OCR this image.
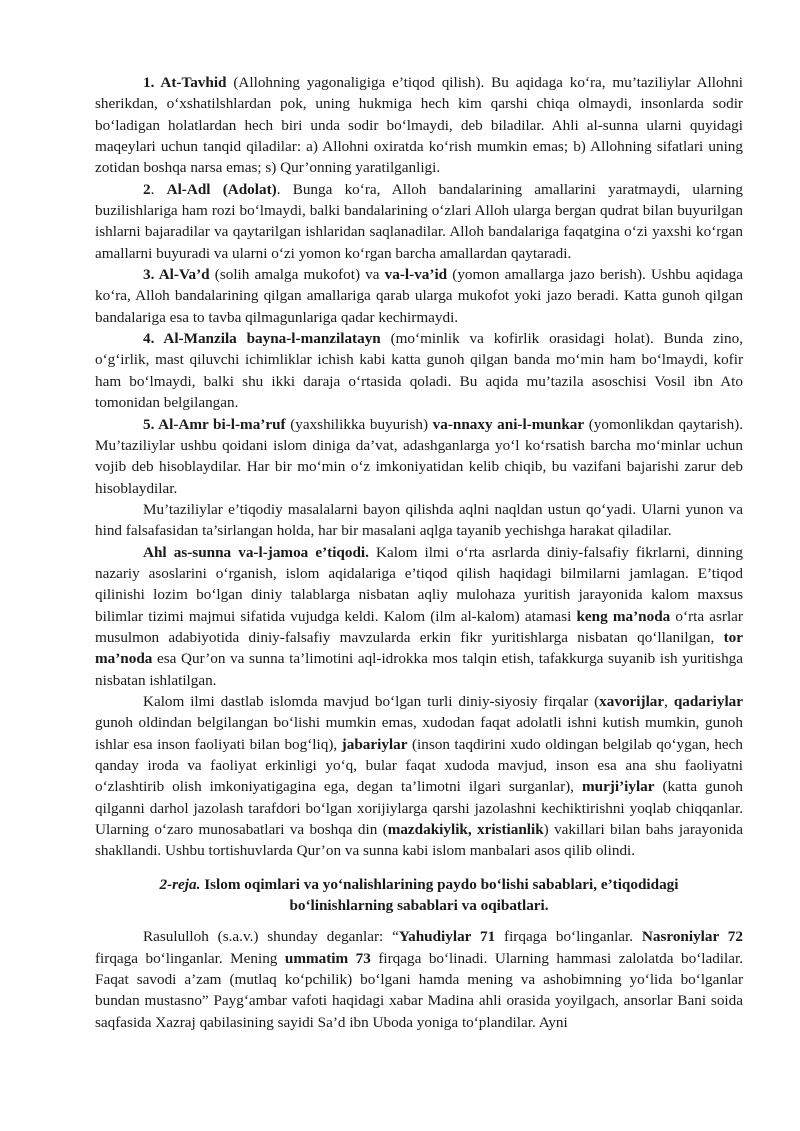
1. At-Tavhid (Allohning yagonaligiga e’tiqod qilish). Bu aqidaga ko‘ra, mu’taziliylar Allohni sherikdan, o‘xshatilshlardan pok, uning hukmiga hech kim qarshi chiqa olmaydi, insonlarda sodir bo‘ladigan holatlardan hech biri unda sodir bo‘lmaydi, deb biladilar. Ahli al-sunna ularni quyidagi maqeylari uchun tanqid qiladilar: a) Allohni oxiratda ko‘rish mumkin emas; b) Allohning sifatlari uning zotidan boshqa narsa emas; s) Qur’onning yaratilganligi.

2. Al-Adl (Adolat). Bunga ko‘ra, Alloh bandalarining amallarini yaratmaydi, ularning buzilishlariga ham rozi bo‘lmaydi, balki bandalarining o‘zlari Alloh ularga bergan qudrat bilan buyurilgan ishlarni bajaradilar va qaytarilgan ishlaridan saqlanadilar. Alloh bandalariga faqatgina o‘zi yaxshi ko‘rgan amallarni buyuradi va ularni o‘zi yomon ko‘rgan barcha amallardan qaytaradi.

3. Al-Va’d (solih amalga mukofot) va va-l-va’id (yomon amallarga jazo berish). Ushbu aqidaga ko‘ra, Alloh bandalarining qilgan amallariga qarab ularga mukofot yoki jazo beradi. Katta gunoh qilgan bandalariga esa to tavba qilmagunlariga qadar kechirmaydi.

4. Al-Manzila bayna-l-manzilatayn (mo‘minlik va kofirlik orasidagi holat). Bunda zino, o‘g‘irlik, mast qiluvchi ichimliklar ichish kabi katta gunoh qilgan banda mo‘min ham bo‘lmaydi, kofir ham bo‘lmaydi, balki shu ikki daraja o‘rtasida qoladi. Bu aqida mu’tazila asoschisi Vosil ibn Ato tomonidan belgilangan.

5. Al-Amr bi-l-ma’ruf (yaxshilikka buyurish) va-nnaxy ani-l-munkar (yomonlikdan qaytarish). Mu’taziliylar ushbu qoidani islom diniga da’vat, adashganlarga yo‘l ko‘rsatish barcha mo‘minlar uchun vojib deb hisoblaydilar. Har bir mo‘min o‘z imkoniyatidan kelib chiqib, bu vazifani bajarishi zarur deb hisoblaydilar.

Mu’taziliylar e’tiqodiy masalalarni bayon qilishda aqlni naqldan ustun qo‘yadi. Ularni yunon va hind falsafasidan ta’sirlangan holda, har bir masalani aqlga tayanib yechishga harakat qiladilar.

Ahl as-sunna va-l-jamoa e’tiqodi. Kalom ilmi o‘rta asrlarda diniy-falsafiy fikrlarni, dinning nazariy asoslarini o‘rganish, islom aqidalariga e’tiqod qilish haqidagi bilmilarni jamlagan. E’tiqod qilinishi lozim bo‘lgan diniy talablarga nisbatan aqliy mulohaza yuritish jarayonida kalom maxsus bilimlar tizimi majmui sifatida vujudga keldi. Kalom (ilm al-kalom) atamasi keng ma’noda o‘rta asrlar musulmon adabiyotida diniy-falsafiy mavzularda erkin fikr yuritishlarga nisbatan qo‘llanilgan, tor ma’noda esa Qur’on va sunna ta’limotini aql-idrokka mos talqin etish, tafakkurga suyanib ish yuritishga nisbatan ishlatilgan.

Kalom ilmi dastlab islomda mavjud bo‘lgan turli diniy-siyosiy firqalar (xavorijlar, qadariylar gunoh oldindan belgilangan bo‘lishi mumkin emas, xudodan faqat adolatli ishni kutish mumkin, gunoh ishlar esa inson faoliyati bilan bog‘liq), jabariylar (inson taqdirini xudo oldingan belgilab qo‘ygan, hech qanday iroda va faoliyat erkinligi yo‘q, bular faqat xudoda mavjud, inson esa ana shu faoliyatni o‘zlashtirib olish imkoniyatigagina ega, degan ta’limotni ilgari surganlar), murji’iylar (katta gunoh qilganni darhol jazolash tarafdori bo‘lgan xorijiylarga qarshi jazolashni kechiktirishni yoqlab chiqqanlar. Ularning o‘zaro munosabatlari va boshqa din (mazdakiylik, xristianlik) vakillari bilan bahs jarayonida shakllandi. Ushbu tortishuvlarda Qur’on va sunna kabi islom manbalari asos qilib olindi.

2-reja. Islom oqimlari va yo‘nalishlarining paydo bo‘lishi sabablari, e’tiqodidagi
bo‘linishlarning sabablari va oqibatlari.

Rasululloh (s.a.v.) shunday deganlar: “Yahudiylar 71 firqaga bo‘linganlar. Nasroniylar 72 firqaga bo‘linganlar. Mening ummatim 73 firqaga bo‘linadi. Ularning hammasi zalolatda bo‘ladilar. Faqat savodi a’zam (mutlaq ko‘pchilik) bo‘lgani hamda mening va ashobimning yo‘lida bo‘lganlar bundan mustasno” Payg‘ambar vafoti haqidagi xabar Madina ahli orasida yoyilgach, ansorlar Bani soida saqfasida Xazraj qabilasining sayidi Sa’d ibn Uboda yoniga to‘plandilar. Ayni
